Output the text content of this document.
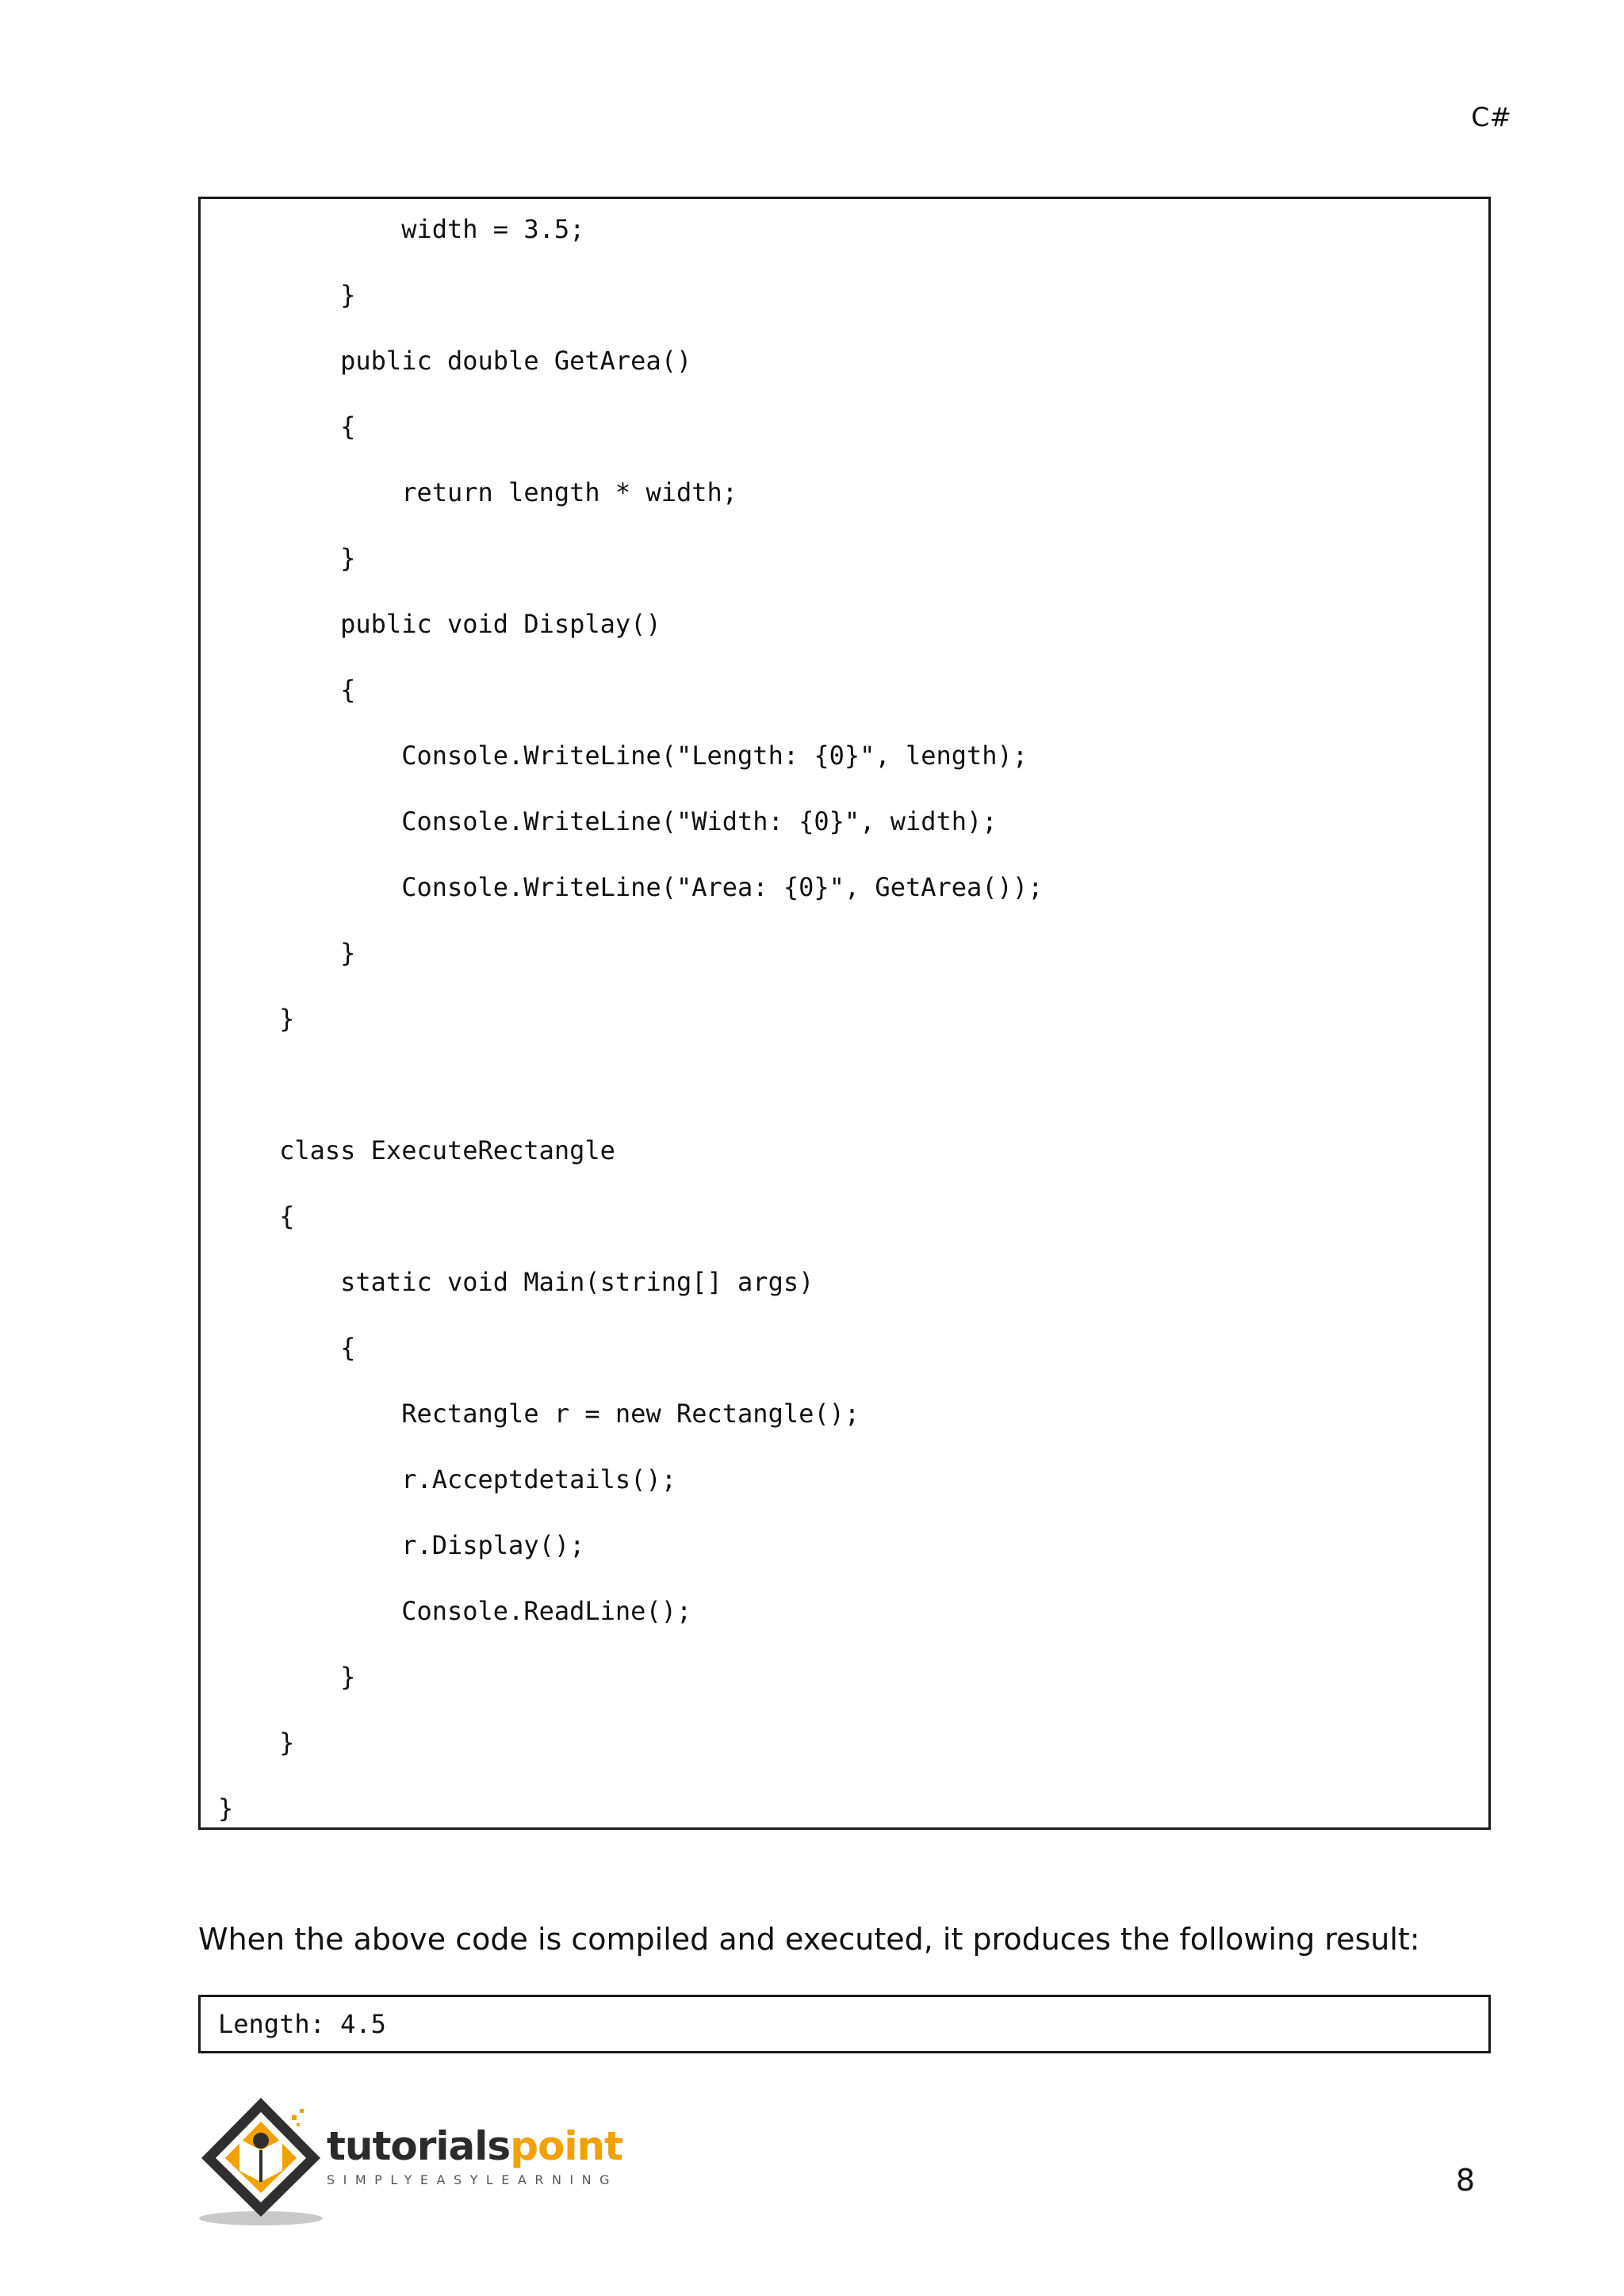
C#
width = 3.5;
}
public double GetArea()
{
return length * width;
}
public void Display()
{
Console.WriteLine("Length: {0}", length);
Console.WriteLine("Width: {0}", width);
Console.WriteLine("Area: {0}", GetArea());
}
}
class ExecuteRectangle
{
static void Main(string[] args)
{
Rectangle r = new Rectangle();
r.Acceptdetails();
r.Display();
Console.ReadLine();
}
}
}
When the above code is compiled and executed, it produces the following result:
Length: 4.5
tutorialspoint
SIMPLYEASYLEARNING	8
